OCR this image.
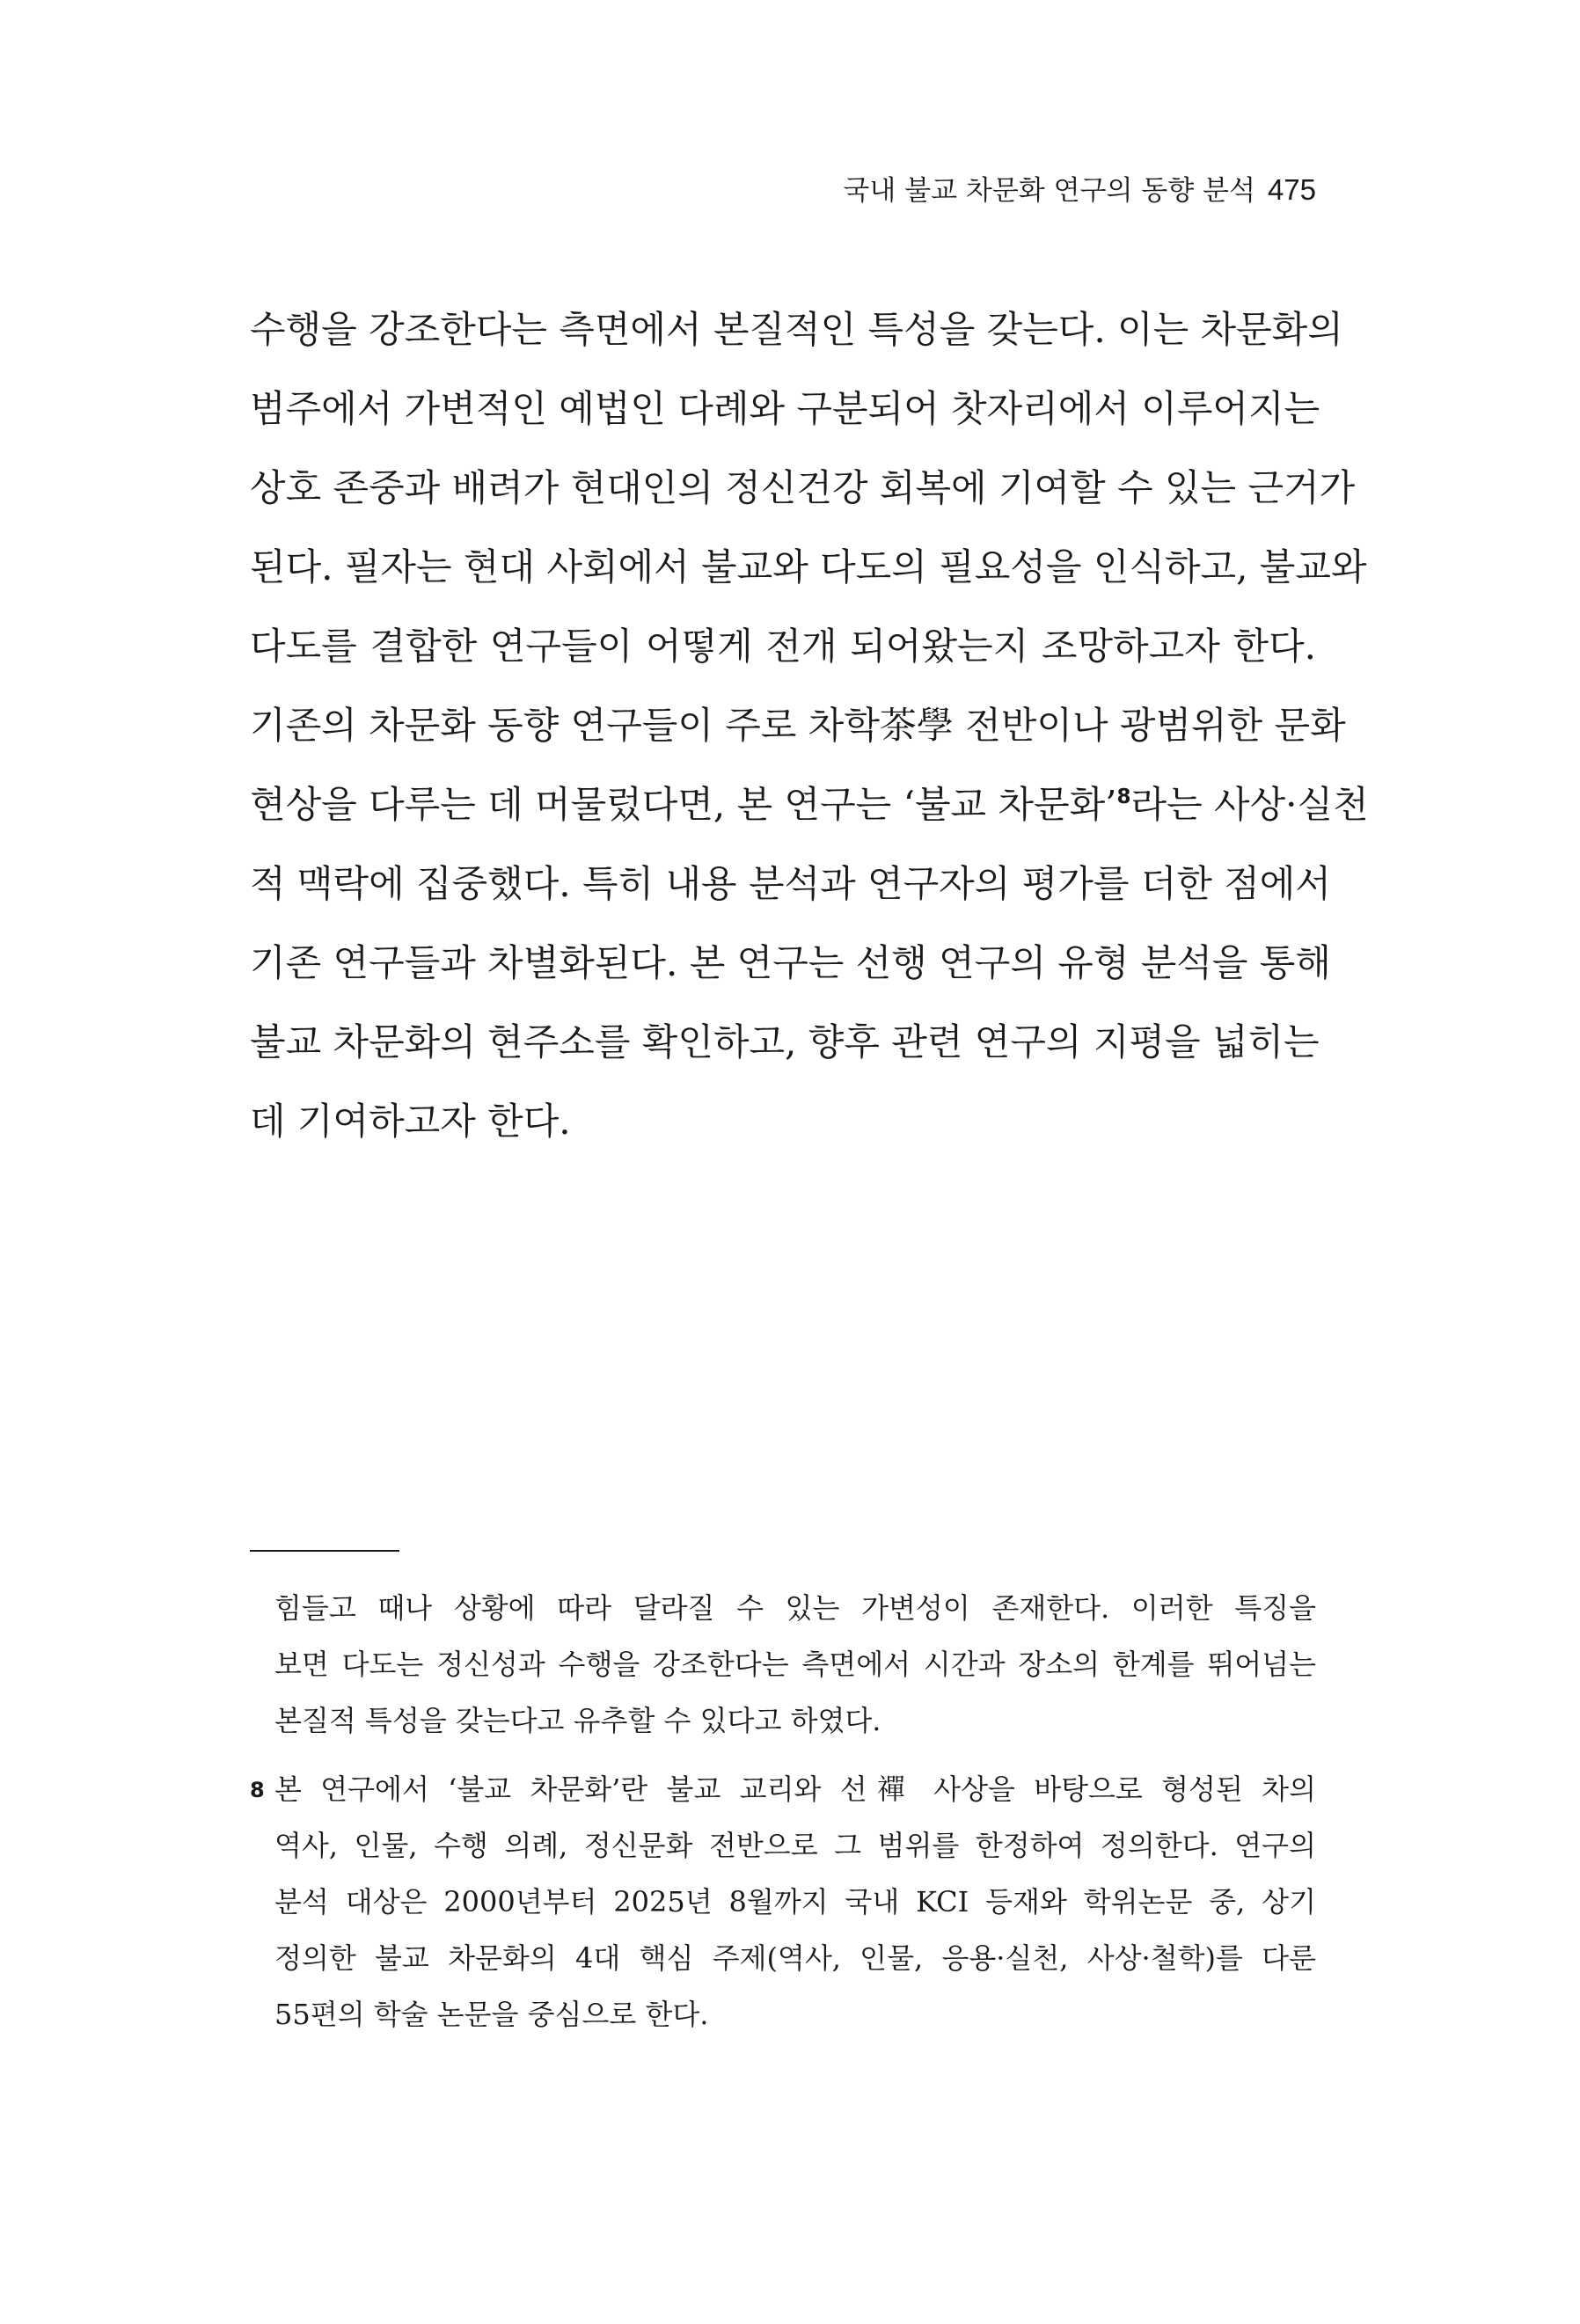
국내 불교 차문화 연구의 동향 분석 475
수행을 강조한다는 측면에서 본질적인 특성을 갖는다. 이는 차문화의
범주에서 가변적인 예법인 다례와 구분되어 찻자리에서 이루어지는
상호 존중과 배려가 현대인의 정신건강 회복에 기여할 수 있는 근거가
된다. 필자는 현대 사회에서 불교와 다도의 필요성을 인식하고, 불교와
다도를 결합한 연구들이 어떻게 전개 되어왔는지 조망하고자 한다.
기존의 차문화 동향 연구들이 주로 차학茶學 전반이나 광범위한 문화
현상을 다루는 데 머물렀다면, 본 연구는 ‘불교 차문화’$^8$라는 사상·실천
적 맥락에 집중했다. 특히 내용 분석과 연구자의 평가를 더한 점에서
기존 연구들과 차별화된다. 본 연구는 선행 연구의 유형 분석을 통해
불교 차문화의 현주소를 확인하고, 향후 관련 연구의 지평을 넓히는
데 기여하고자 한다.
힘들고 때나 상황에 따라 달라질 수 있는 가변성이 존재한다. 이러한 특징을
보면 다도는 정신성과 수행을 강조한다는 측면에서 시간과 장소의 한계를 뛰어넘는
본질적 특성을 갖는다고 유추할 수 있다고 하였다.
8 본 연구에서 ‘불교 차문화’란 불교 교리와 선禪 사상을 바탕으로 형성된 차의
역사, 인물, 수행 의례, 정신문화 전반으로 그 범위를 한정하여 정의한다. 연구의
분석 대상은 2000년부터 2025년 8월까지 국내 KCI 등재와 학위논문 중, 상기
정의한 불교 차문화의 4대 핵심 주제(역사, 인물, 응용·실천, 사상·철학)를 다룬
55편의 학술 논문을 중심으로 한다.
